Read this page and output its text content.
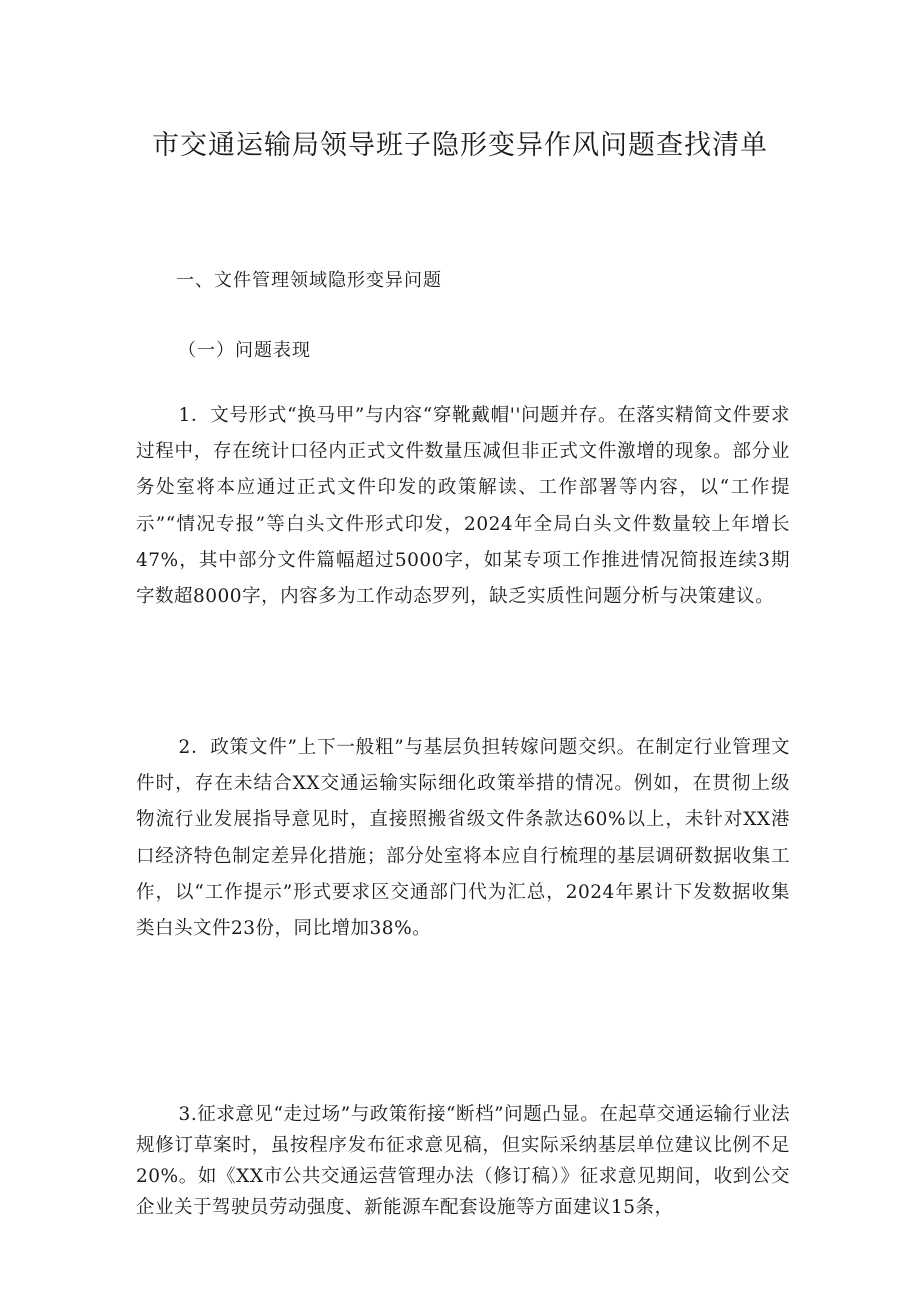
市交通运输局领导班子隐形变异作风问题查找清单
一、文件管理领域隐形变异问题
（一）问题表现

1．文号形式“换马甲”与内容“穿靴戴帽''问题并存。在落实精简文件要求过程中，存在统计口径内正式文件数量压减但非正式文件激增的现象。部分业务处室将本应通过正式文件印发的政策解读、工作部署等内容，以“工作提示”“情况专报”等白头文件形式印发，2024年全局白头文件数量较上年增长47%，其中部分文件篇幅超过5000字，如某专项工作推进情况简报连续3期字数超8000字，内容多为工作动态罗列，缺乏实质性问题分析与决策建议。

2．政策文件”上下一般粗”与基层负担转嫁问题交织。在制定行业管理文件时，存在未结合XX交通运输实际细化政策举措的情况。例如，在贯彻上级物流行业发展指导意见时，直接照搬省级文件条款达60%以上，未针对XX港口经济特色制定差异化措施；部分处室将本应自行梳理的基层调研数据收集工作，以“工作提示”形式要求区交通部门代为汇总，2024年累计下发数据收集类白头文件23份，同比增加38%。

3.征求意见“走过场”与政策衔接“断档”问题凸显。在起草交通运输行业法规修订草案时，虽按程序发布征求意见稿，但实际采纳基层单位建议比例不足20%。如《XX市公共交通运营管理办法（修订稿）》征求意见期间，收到公交企业关于驾驶员劳动强度、新能源车配套设施等方面建议15条，
